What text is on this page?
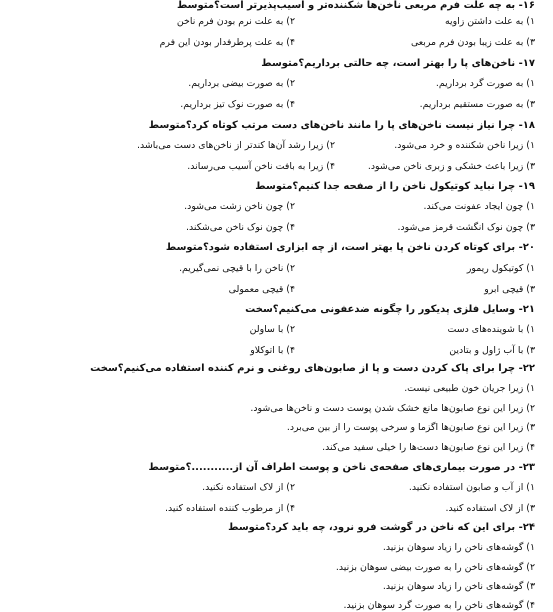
۱۶- به چه علت فرم مربعی ناخن‌ها شکننده‌تر و آسیب‌پذیرتر است؟متوسط
۱) به علت داشتن زاویه
۲) به علت نرم بودن فرم ناخن
۳) به علت زیبا بودن فرم مربعی
۴) به علت پرطرفدار بودن این فرم
۱۷- ناخن‌های پا را بهتر است، چه حالتی برداریم؟متوسط
۱) به صورت گرد برداریم.
۲) به صورت بیضی برداریم.
۳) به صورت مستقیم برداریم.
۴) به صورت نوک تیز برداریم.
۱۸- چرا نیاز نیست ناخن‌های پا را مانند ناخن‌های دست مرتب کوتاه کرد؟متوسط
۱) زیرا ناخن شکننده و خرد می‌شود.
۲) زیرا رشد آن‌ها کندتر از ناخن‌های دست می‌باشد.
۳) زیرا باعث خشکی و زبری ناخن می‌شود.
۴) زیرا به بافت ناخن آسیب می‌رساند.
۱۹- چرا نباید کوتیکول ناخن را از صفحه جدا کنیم؟متوسط
۱) چون ایجاد عفونت می‌کند.
۲) چون ناخن زشت می‌شود.
۳) چون نوک انگشت قرمز می‌شود.
۴) چون نوک ناخن می‌شکند.
۲۰- برای کوتاه کردن ناخن پا بهتر است، از چه ابزاری استفاده شود؟متوسط
۱) کوتیکول ریمور
۲) ناخن را با قیچی نمی‌گیریم.
۳) قیچی ابرو
۴) قیچی معمولی
۲۱- وسایل فلزی پدیکور را چگونه ضدعفونی می‌کنیم؟سخت
۱) با شوینده‌های دست
۲) با ساولن
۳) با آب ژاول و بتادین
۴) با اتوکلاو
۲۲- چرا برای پاک کردن دست و پا از صابون‌های روغنی و نرم کننده استفاده می‌کنیم؟سخت
۱) زیرا جریان خون طبیعی نیست.
۲) زیرا این نوع صابون‌ها مانع خشک شدن پوست دست و ناخن‌ها می‌شود.
۳) زیرا این نوع صابون‌ها اگزما و سرخی پوست را از بین می‌برد.
۴) زیرا این نوع صابون‌ها دست‌ها را خیلی سفید می‌کند.
۲۳- در صورت بیماری‌های صفحه‌ی ناخن و پوست اطراف آن از...........؟متوسط
۱) از آب و صابون استفاده نکنید.
۲) از لاک استفاده نکنید.
۳) از لاک استفاده کنید.
۴) از مرطوب کننده استفاده کنید.
۲۴- برای این که ناخن در گوشت فرو نرود، چه باید کرد؟متوسط
۱) گوشه‌های ناخن را زیاد سوهان بزنید.
۲) گوشه‌های ناخن را به صورت بیضی سوهان بزنید.
۳) گوشه‌های ناخن را زیاد سوهان بزنید.
۴) گوشه‌های ناخن را به صورت گرد سوهان بزنید.
